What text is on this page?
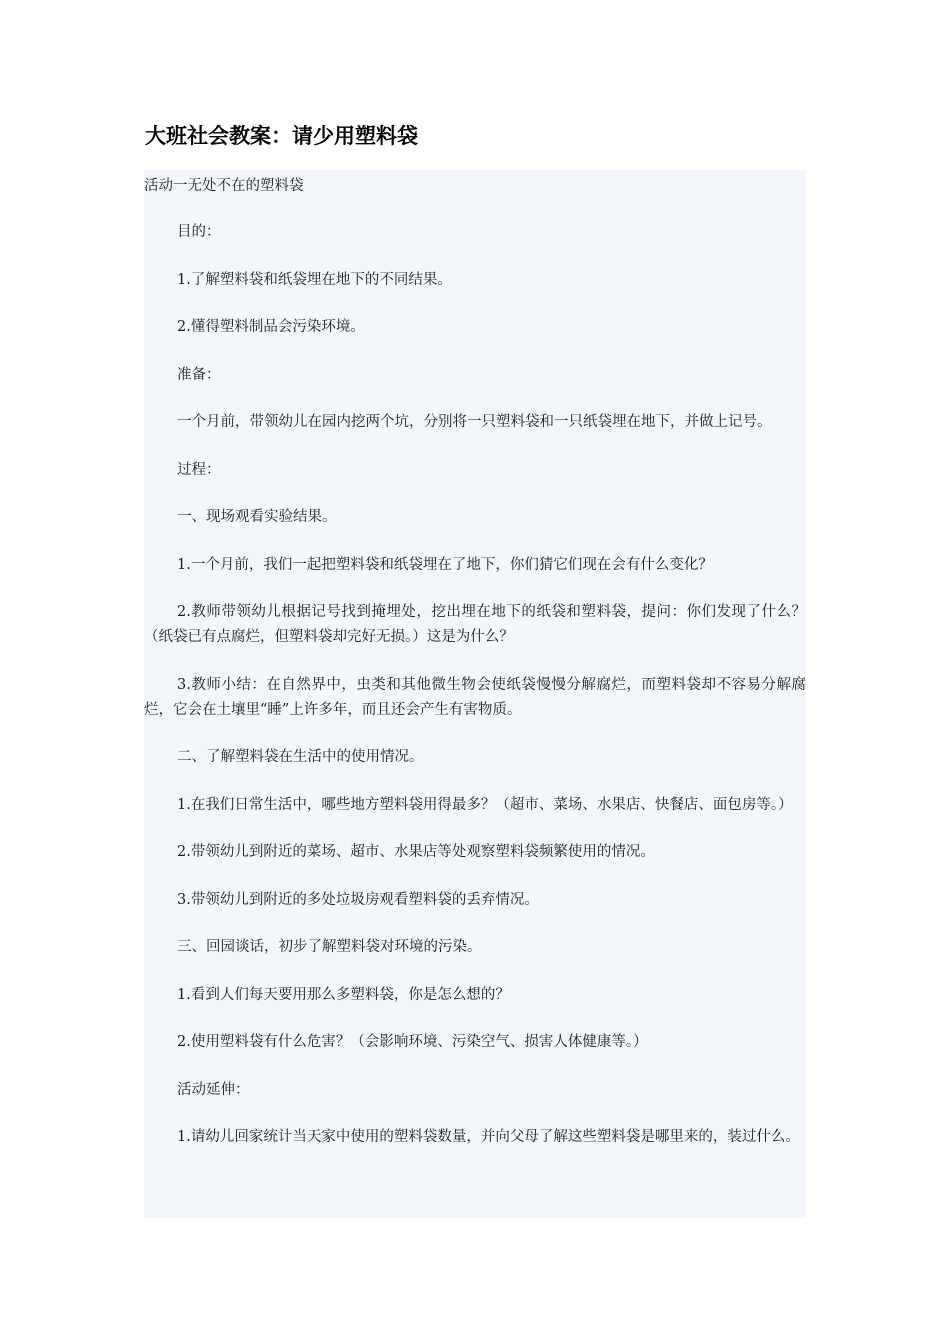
大班社会教案：请少用塑料袋

活动一无处不在的塑料袋

目的：

1.了解塑料袋和纸袋埋在地下的不同结果。

2.懂得塑料制品会污染环境。

准备：

一个月前，带领幼儿在园内挖两个坑，分别将一只塑料袋和一只纸袋埋在地下，并做上记号。

过程：

一、现场观看实验结果。

1.一个月前，我们一起把塑料袋和纸袋埋在了地下，你们猜它们现在会有什么变化？

2.教师带领幼儿根据记号找到掩埋处，挖出埋在地下的纸袋和塑料袋，提问：你们发现了什么？（纸袋已有点腐烂，但塑料袋却完好无损。）这是为什么？

3.教师小结：在自然界中，虫类和其他微生物会使纸袋慢慢分解腐烂，而塑料袋却不容易分解腐烂，它会在土壤里“睡”上许多年，而且还会产生有害物质。

二、了解塑料袋在生活中的使用情况。

1.在我们日常生活中，哪些地方塑料袋用得最多？（超市、菜场、水果店、快餐店、面包房等。）

2.带领幼儿到附近的菜场、超市、水果店等处观察塑料袋频繁使用的情况。

3.带领幼儿到附近的多处垃圾房观看塑料袋的丢弃情况。

三、回园谈话，初步了解塑料袋对环境的污染。

1.看到人们每天要用那么多塑料袋，你是怎么想的？

2.使用塑料袋有什么危害？（会影响环境、污染空气、损害人体健康等。）

活动延伸：

1.请幼儿回家统计当天家中使用的塑料袋数量，并向父母了解这些塑料袋是哪里来的，装过什么。
